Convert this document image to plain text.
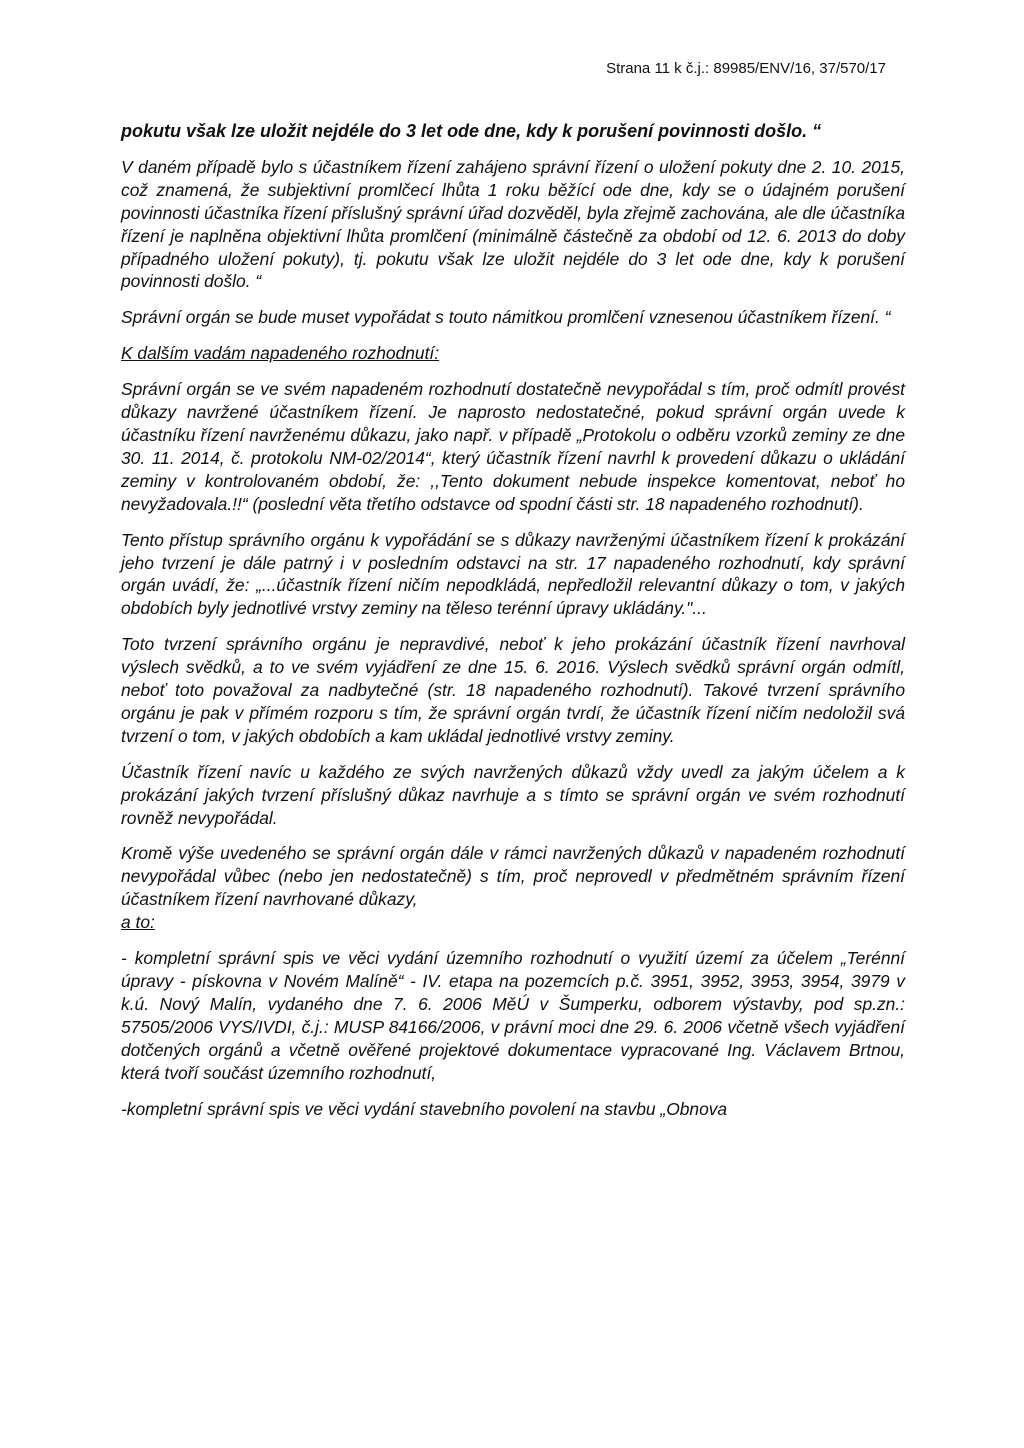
Strana 11 k č.j.: 89985/ENV/16, 37/570/17

pokutu však lze uložit nejdéle do 3 let ode dne, kdy k porušení povinnosti došlo. “

V daném případě bylo s účastníkem řízení zahájeno správní řízení o uložení pokuty dne 2. 10. 2015, což znamená, že subjektivní promlčecí lhůta 1 roku běžící ode dne, kdy se o údajném porušení povinnosti účastníka řízení příslušný správní úřad dozvěděl, byla zřejmě zachována, ale dle účastníka řízení je naplněna objektivní lhůta promlčení (minimálně částečně za období od 12. 6. 2013 do doby případného uložení pokuty), tj. pokutu však lze uložit nejdéle do 3 let ode dne, kdy k porušení povinnosti došlo. “

Správní orgán se bude muset vypořádat s touto námitkou promlčení vznesenou účastníkem řízení. “

K dalším vadám napadeného rozhodnutí:

Správní orgán se ve svém napadeném rozhodnutí dostatečně nevypořádal s tím, proč odmítl provést důkazy navržené účastníkem řízení. Je naprosto nedostatečné, pokud správní orgán uvede k účastníku řízení navrženému důkazu, jako např. v případě „Protokolu o odběru vzorků zeminy ze dne 30. 11. 2014, č. protokolu NM-02/2014“, který účastník řízení navrhl k provedení důkazu o ukládání zeminy v kontrolovaném období, že: ,,Tento dokument nebude inspekce komentovat, neboť ho nevyžadovala.!!“ (poslední věta třetího odstavce od spodní části str. 18 napadeného rozhodnutí).

Tento přístup správního orgánu k vypořádání se s důkazy navrženými účastníkem řízení k prokázání jeho tvrzení je dále patrný i v posledním odstavci na str. 17 napadeného rozhodnutí, kdy správní orgán uvádí, že: „...účastník řízení ničím nepodkládá, nepředložil relevantní důkazy o tom, v jakých obdobích byly jednotlivé vrstvy zeminy na těleso terénní úpravy ukládány."...

Toto tvrzení správního orgánu je nepravdivé, neboť k jeho prokázání účastník řízení navrhoval výslech svědků, a to ve svém vyjádření ze dne 15. 6. 2016. Výslech svědků správní orgán odmítl, neboť toto považoval za nadbytečné (str. 18 napadeného rozhodnutí). Takové tvrzení správního orgánu je pak v přímém rozporu s tím, že správní orgán tvrdí, že účastník řízení ničím nedoložil svá tvrzení o tom, v jakých obdobích a kam ukládal jednotlivé vrstvy zeminy.

Účastník řízení navíc u každého ze svých navržených důkazů vždy uvedl za jakým účelem a k prokázání jakých tvrzení příslušný důkaz navrhuje a s tímto se správní orgán ve svém rozhodnutí rovněž nevypořádal.

Kromě výše uvedeného se správní orgán dále v rámci navržených důkazů v napadeném rozhodnutí nevypořádal vůbec (nebo jen nedostatečně) s tím, proč neprovedl v předmětném správním řízení účastníkem řízení navrhované důkazy,

a to:

- kompletní správní spis ve věci vydání územního rozhodnutí o využití území za účelem „Terénní úpravy - pískovna v Novém Malíně“ - IV. etapa na pozemcích p.č. 3951, 3952, 3953, 3954, 3979 v k.ú. Nový Malín, vydaného dne 7. 6. 2006 MěÚ v Šumperku, odborem výstavby, pod sp.zn.: 57505/2006 VYS/IVDI, č.j.: MUSP 84166/2006, v právní moci dne 29. 6. 2006 včetně všech vyjádření dotčených orgánů a včetně ověřené projektové dokumentace vypracované Ing. Václavem Brtnou, která tvoří součást územního rozhodnutí,

-kompletní správní spis ve věci vydání stavebního povolení na stavbu „Obnova
